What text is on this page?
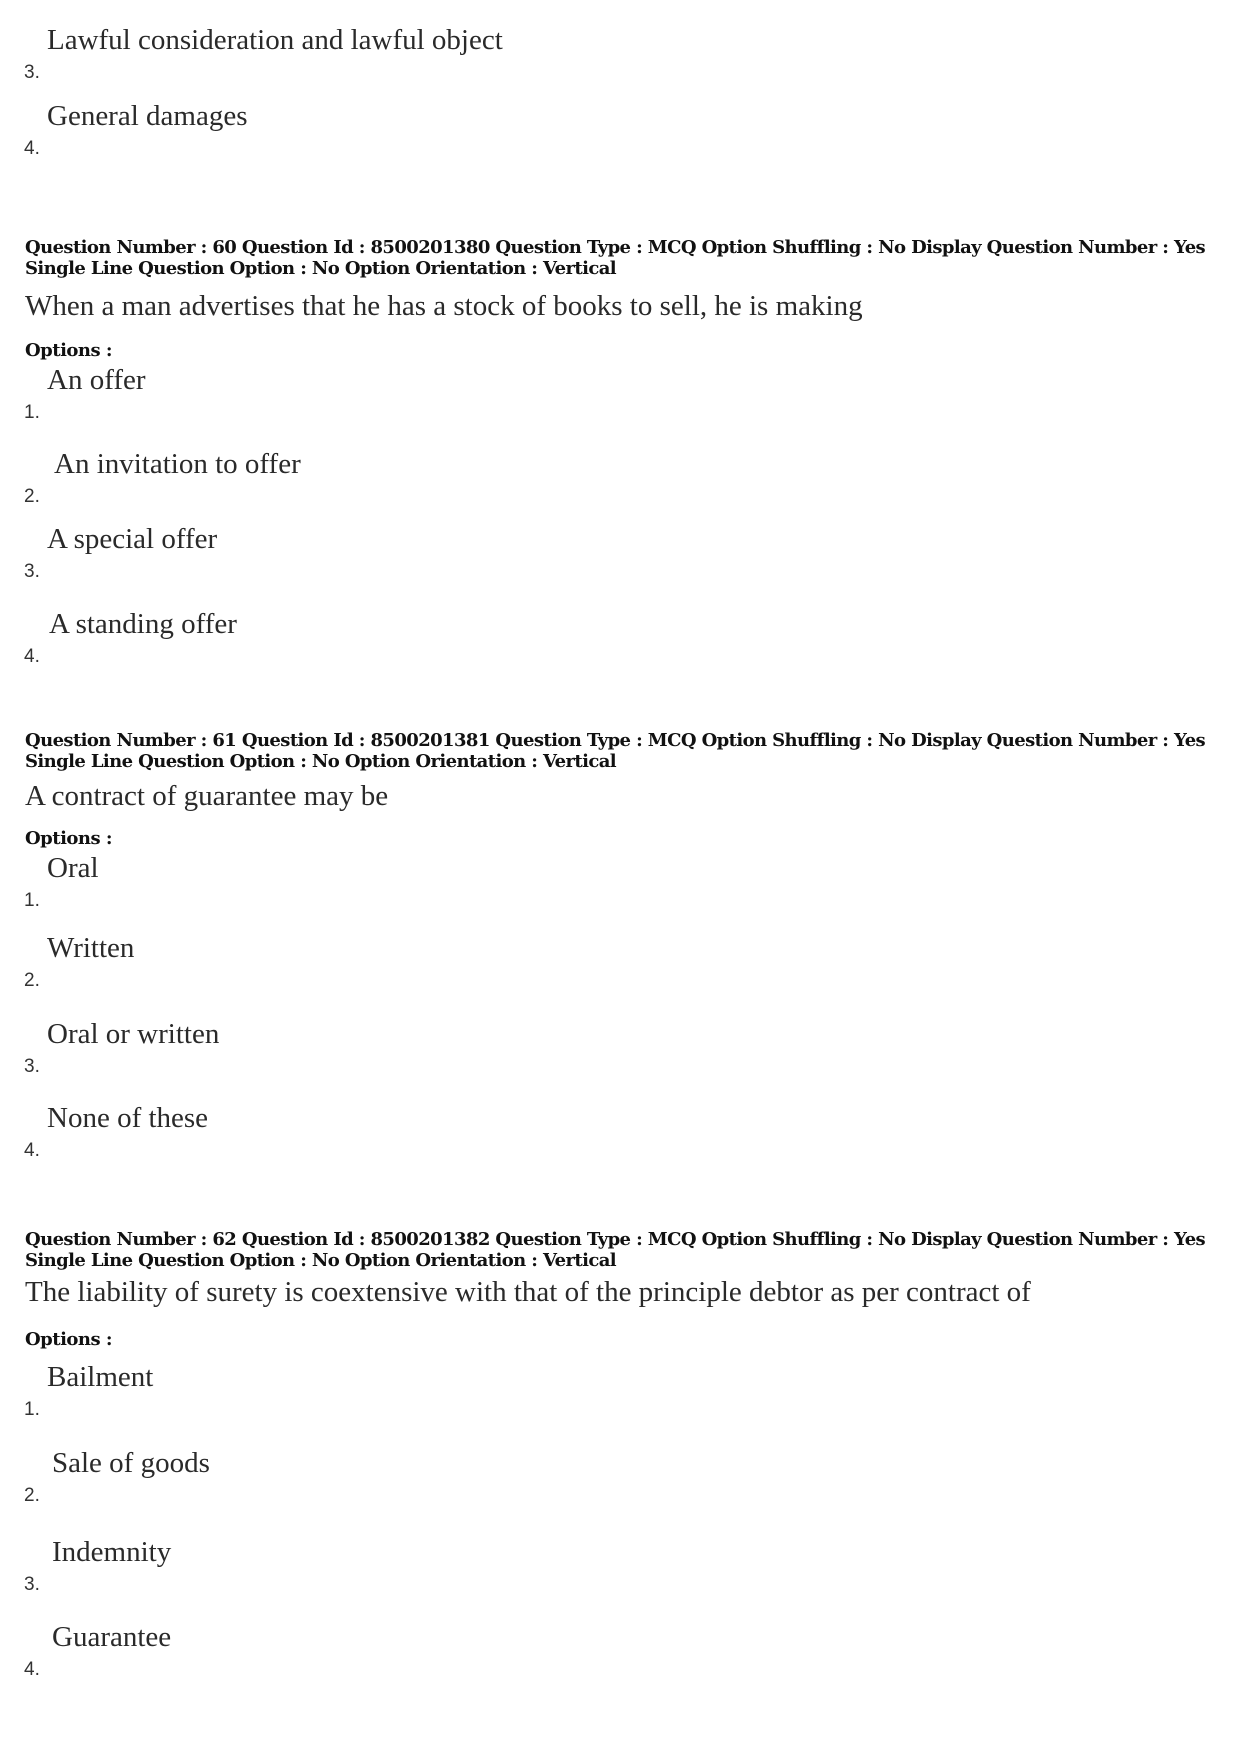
3.
Lawful consideration and lawful object
4.
General damages
Question Number : 60 Question Id : 8500201380 Question Type : MCQ Option Shuffling : No Display Question Number : Yes
Single Line Question Option : No Option Orientation : Vertical
When a man advertises that he has a stock of books to sell, he is making
Options :
1.
An offer
2.
An invitation to offer
3.
A special offer
4.
A standing offer
Question Number : 61 Question Id : 8500201381 Question Type : MCQ Option Shuffling : No Display Question Number : Yes
Single Line Question Option : No Option Orientation : Vertical
A contract of guarantee may be
Options :
1.
Oral
2.
Written
3.
Oral or written
4.
None of these
Question Number : 62 Question Id : 8500201382 Question Type : MCQ Option Shuffling : No Display Question Number : Yes
Single Line Question Option : No Option Orientation : Vertical
The liability of surety is coextensive with that of the principle debtor as per contract of
Options :
1.
Bailment
2.
Sale of goods
3.
Indemnity
4.
Guarantee
